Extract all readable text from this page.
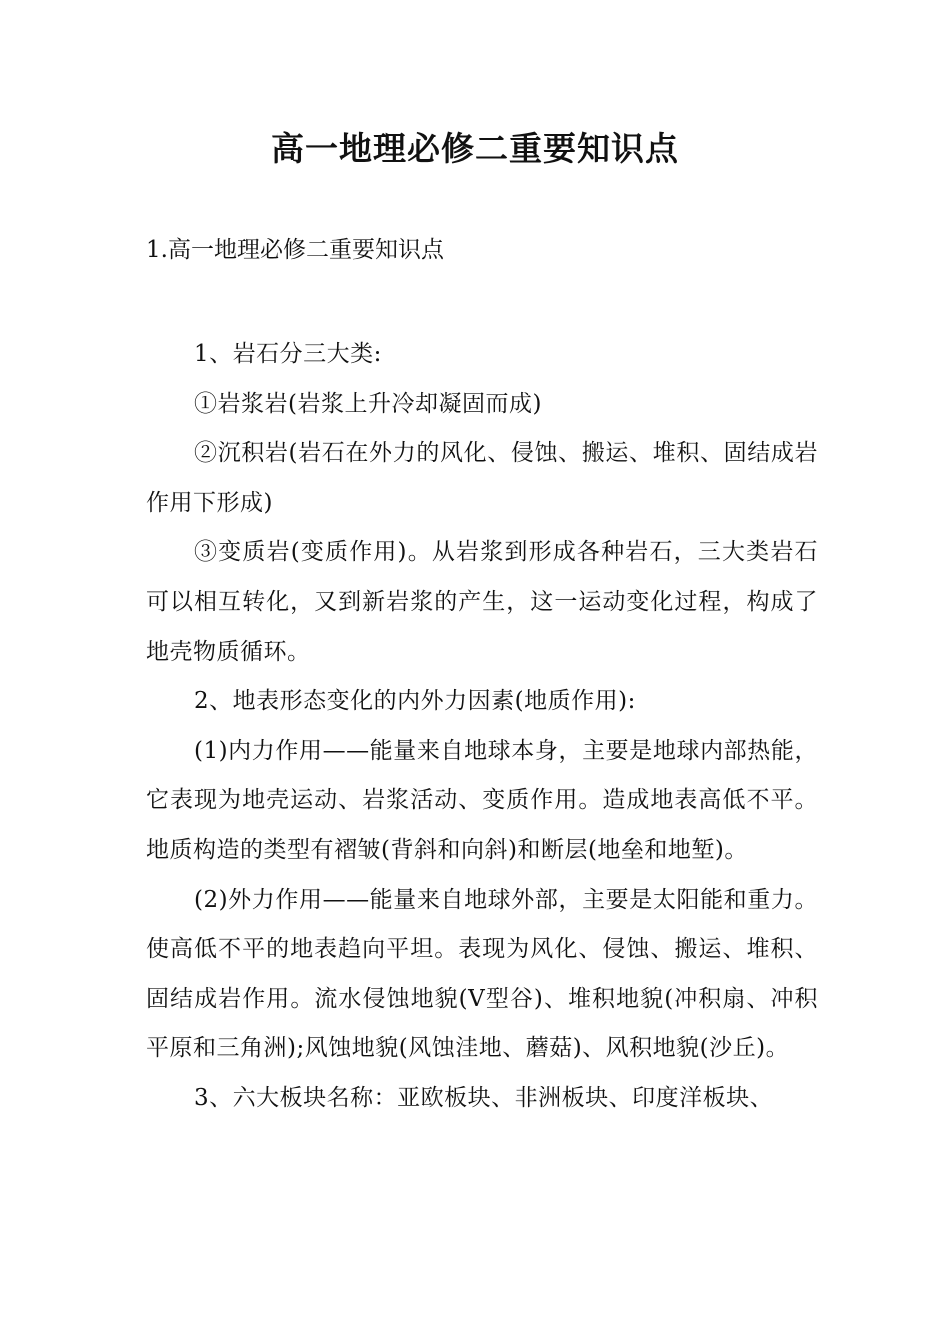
高一地理必修二重要知识点
1.高一地理必修二重要知识点

1、岩石分三大类:

①岩浆岩(岩浆上升冷却凝固而成)

②沉积岩(岩石在外力的风化、侵蚀、搬运、堆积、固结成岩作用下形成)

③变质岩(变质作用)。从岩浆到形成各种岩石，三大类岩石可以相互转化，又到新岩浆的产生，这一运动变化过程，构成了地壳物质循环。

2、地表形态变化的内外力因素(地质作用):

(1)内力作用——能量来自地球本身，主要是地球内部热能，它表现为地壳运动、岩浆活动、变质作用。造成地表高低不平。地质构造的类型有褶皱(背斜和向斜)和断层(地垒和地堑)。

(2)外力作用——能量来自地球外部，主要是太阳能和重力。使高低不平的地表趋向平坦。表现为风化、侵蚀、搬运、堆积、固结成岩作用。流水侵蚀地貌(V型谷)、堆积地貌(冲积扇、冲积平原和三角洲);风蚀地貌(风蚀洼地、蘑菇)、风积地貌(沙丘)。

3、六大板块名称：亚欧板块、非洲板块、印度洋板块、
